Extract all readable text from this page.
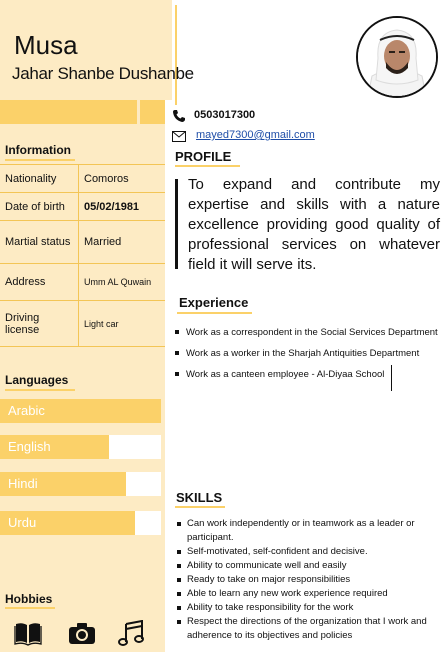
Musa
Jahar Shanbe Dushanbe
0503017300
mayed7300@gmail.com
Information
Nationality	Comoros
Date of birth	05/02/1981
Martial status	Married
Address	Umm AL Quwain
Driving license	Light car
Languages
Arabic
English
Hindi
Urdu
Hobbies
PROFILE
To expand and contribute my expertise and skills with a nature excellence providing good quality of professional services on whatever field it will serve its.
Experience
Work as a correspondent in the Social Services Department
Work as a worker in the Sharjah Antiquities Department
Work as a canteen employee - Al-Diyaa School
SKILLS
Can work independently or in teamwork as a leader or participant.
Self-motivated, self-confident and decisive.
Ability to communicate well and easily
Ready to take on major responsibilities
Able to learn any new work experience required
Ability to take responsibility for the work
Respect the directions of the organization that I work and adherence to its objectives and policies
